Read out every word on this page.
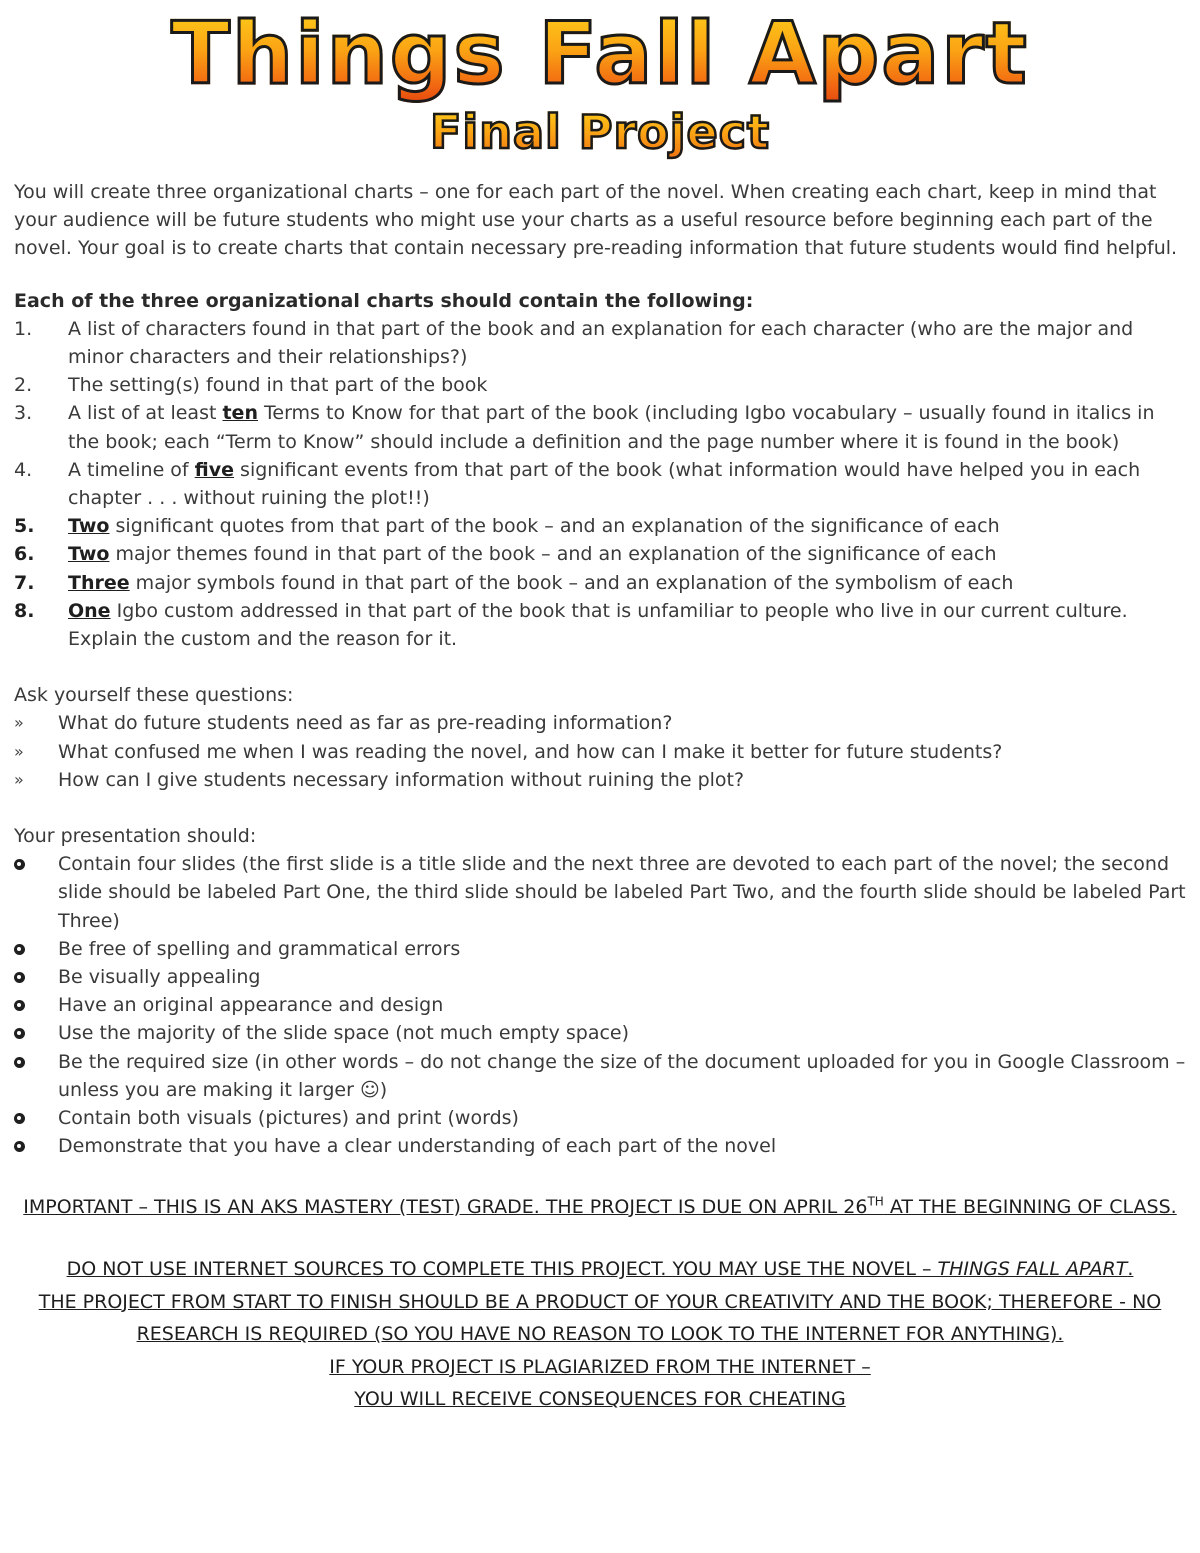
Things Fall Apart
Final Project

You will create three organizational charts – one for each part of the novel. When creating each chart, keep in mind that your audience will be future students who might use your charts as a useful resource before beginning each part of the novel. Your goal is to create charts that contain necessary pre-reading information that future students would find helpful.

Each of the three organizational charts should contain the following:

1.	A list of characters found in that part of the book and an explanation for each character (who are the major and minor characters and their relationships?)
2.	The setting(s) found in that part of the book
3.	A list of at least ten Terms to Know for that part of the book (including Igbo vocabulary – usually found in italics in the book; each “Term to Know” should include a definition and the page number where it is found in the book)
4.	A timeline of five significant events from that part of the book (what information would have helped you in each chapter . . . without ruining the plot!!)
5.	Two significant quotes from that part of the book – and an explanation of the significance of each
6.	Two major themes found in that part of the book – and an explanation of the significance of each
7.	Three major symbols found in that part of the book – and an explanation of the symbolism of each
8.	One Igbo custom addressed in that part of the book that is unfamiliar to people who live in our current culture. Explain the custom and the reason for it.

Ask yourself these questions:

» What do future students need as far as pre-reading information?
» What confused me when I was reading the novel, and how can I make it better for future students?
» How can I give students necessary information without ruining the plot?

Your presentation should:

Contain four slides (the first slide is a title slide and the next three are devoted to each part of the novel; the second slide should be labeled Part One, the third slide should be labeled Part Two, and the fourth slide should be labeled Part Three)
Be free of spelling and grammatical errors
Be visually appealing
Have an original appearance and design
Use the majority of the slide space (not much empty space)
Be the required size (in other words – do not change the size of the document uploaded for you in Google Classroom – unless you are making it larger ☺)
Contain both visuals (pictures) and print (words)
Demonstrate that you have a clear understanding of each part of the novel

IMPORTANT – THIS IS AN AKS MASTERY (TEST) GRADE. THE PROJECT IS DUE ON APRIL 26TH AT THE BEGINNING OF CLASS.

DO NOT USE INTERNET SOURCES TO COMPLETE THIS PROJECT. YOU MAY USE THE NOVEL – THINGS FALL APART.
THE PROJECT FROM START TO FINISH SHOULD BE A PRODUCT OF YOUR CREATIVITY AND THE BOOK; THEREFORE - NO RESEARCH IS REQUIRED (SO YOU HAVE NO REASON TO LOOK TO THE INTERNET FOR ANYTHING).
IF YOUR PROJECT IS PLAGIARIZED FROM THE INTERNET –
YOU WILL RECEIVE CONSEQUENCES FOR CHEATING
